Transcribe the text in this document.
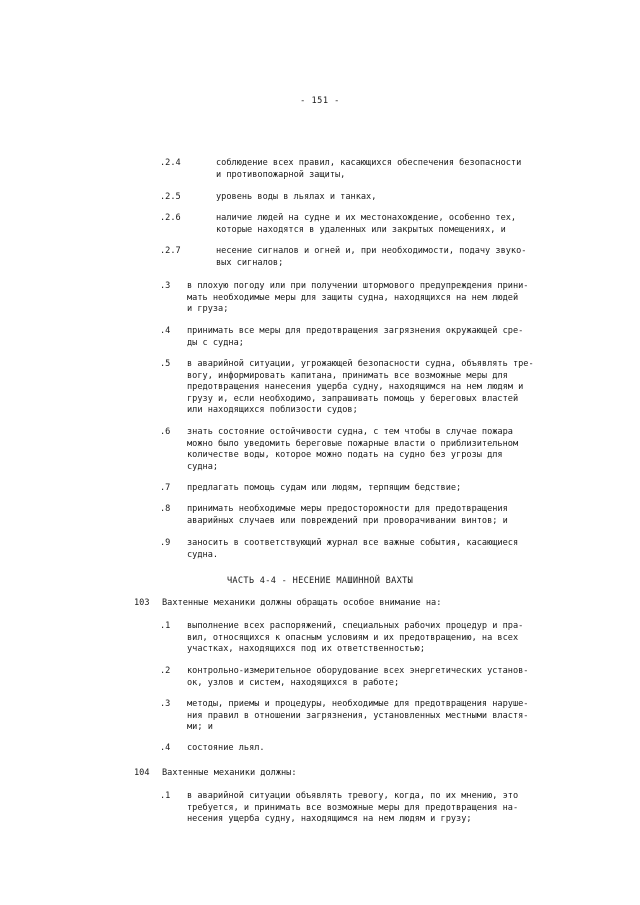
- 151 -
.2.4	соблюдение всех правил, касающихся обеспечения безопасности
и противопожарной защиты,
.2.5	уровень воды в льялах и танках,
.2.6	наличие людей на судне и их местонахождение, особенно тех,
которые находятся в удаленных или закрытых помещениях, и
.2.7	несение сигналов и огней и, при необходимости, подачу звуко-
вых сигналов;
.3 в плохую погоду или при получении штормового предупреждения прини-
мать необходимые меры для защиты судна, находящихся на нем людей
и груза;
.4 принимать все меры для предотвращения загрязнения окружающей сре-
ды с судна;
.5 в аварийной ситуации, угрожающей безопасности судна, объявлять тре-
вогу, информировать капитана, принимать все возможные меры для
предотвращения нанесения ущерба судну, находящимся на нем людям и
грузу и, если необходимо, запрашивать помощь у береговых властей
или находящихся поблизости судов;
.6 знать состояние остойчивости судна, с тем чтобы в случае пожара
можно было уведомить береговые пожарные власти о приблизительном
количестве воды, которое можно подать на судно без угрозы для
судна;
.7 предлагать помощь судам или людям, терпящим бедствие;
.8 принимать необходимые меры предосторожности для предотвращения
аварийных случаев или повреждений при проворачивании винтов; и
.9 заносить в соответствующий журнал все важные события, касающиеся
судна.
ЧАСТЬ 4-4 - НЕСЕНИЕ МАШИННОЙ ВАХТЫ
103 Вахтенные механики должны обращать особое внимание на:
.1 выполнение всех распоряжений, специальных рабочих процедур и пра-
вил, относящихся к опасным условиям и их предотвращению, на всех
участках, находящихся под их ответственностью;
.2 контрольно-измерительное оборудование всех энергетических установ-
ок, узлов и систем, находящихся в работе;
.3 методы, приемы и процедуры, необходимые для предотвращения наруше-
ния правил в отношении загрязнения, установленных местными властя-
ми; и
.4 состояние льял.
104 Вахтенные механики должны:
.1 в аварийной ситуации объявлять тревогу, когда, по их мнению, это
требуется, и принимать все возможные меры для предотвращения на-
несения ущерба судну, находящимся на нем людям и грузу;
